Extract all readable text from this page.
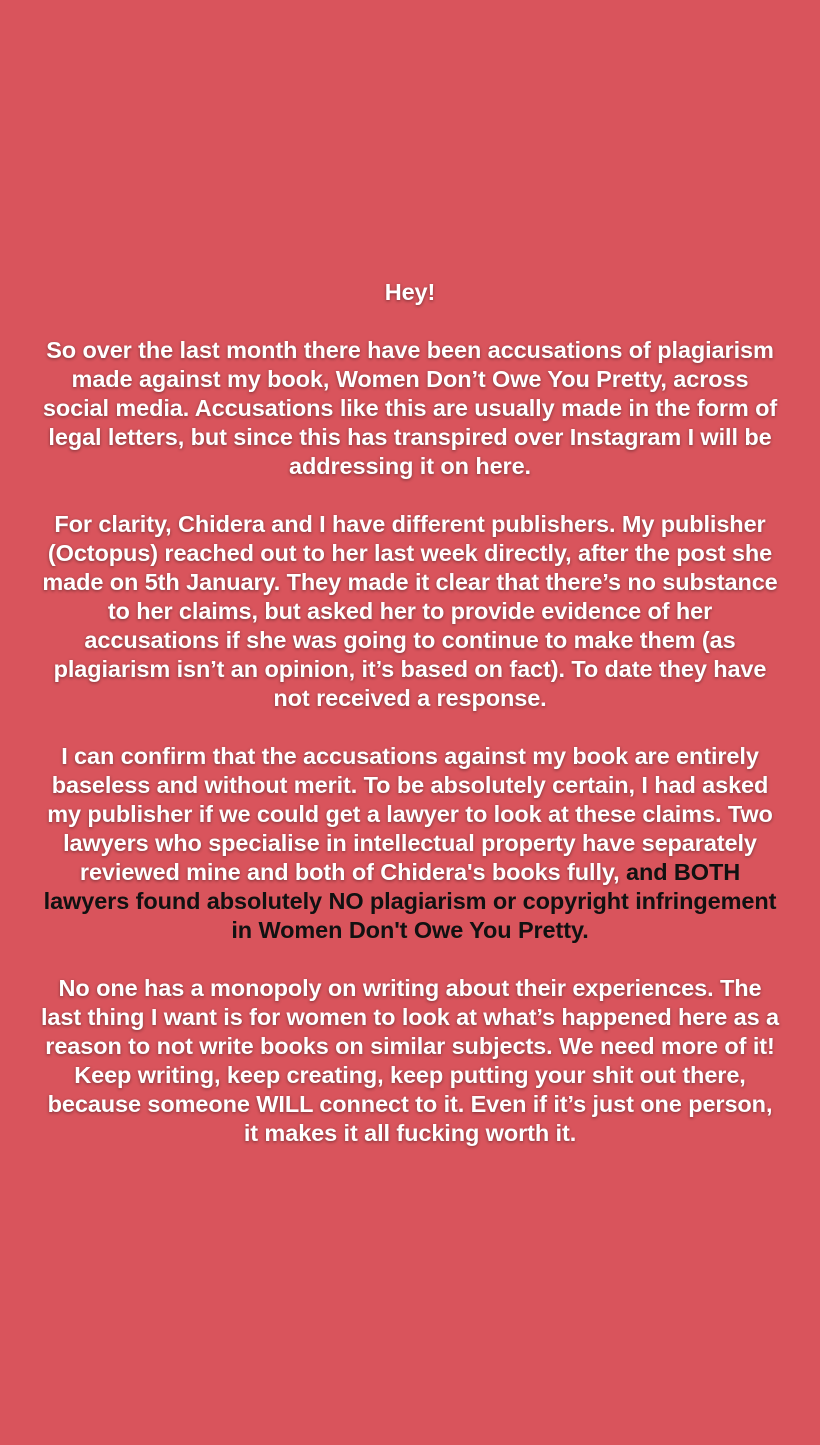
Hey!

So over the last month there have been accusations of plagiarism made against my book, Women Don’t Owe You Pretty, across social media. Accusations like this are usually made in the form of legal letters, but since this has transpired over Instagram I will be addressing it on here.

For clarity, Chidera and I have different publishers. My publisher (Octopus) reached out to her last week directly, after the post she made on 5th January. They made it clear that there’s no substance to her claims, but asked her to provide evidence of her accusations if she was going to continue to make them (as plagiarism isn’t an opinion, it’s based on fact). To date they have not received a response.

I can confirm that the accusations against my book are entirely baseless and without merit. To be absolutely certain, I had asked my publisher if we could get a lawyer to look at these claims. Two lawyers who specialise in intellectual property have separately reviewed mine and both of Chidera's books fully, and BOTH lawyers found absolutely NO plagiarism or copyright infringement in Women Don't Owe You Pretty.

No one has a monopoly on writing about their experiences. The last thing I want is for women to look at what’s happened here as a reason to not write books on similar subjects. We need more of it! Keep writing, keep creating, keep putting your shit out there, because someone WILL connect to it. Even if it’s just one person, it makes it all fucking worth it.
